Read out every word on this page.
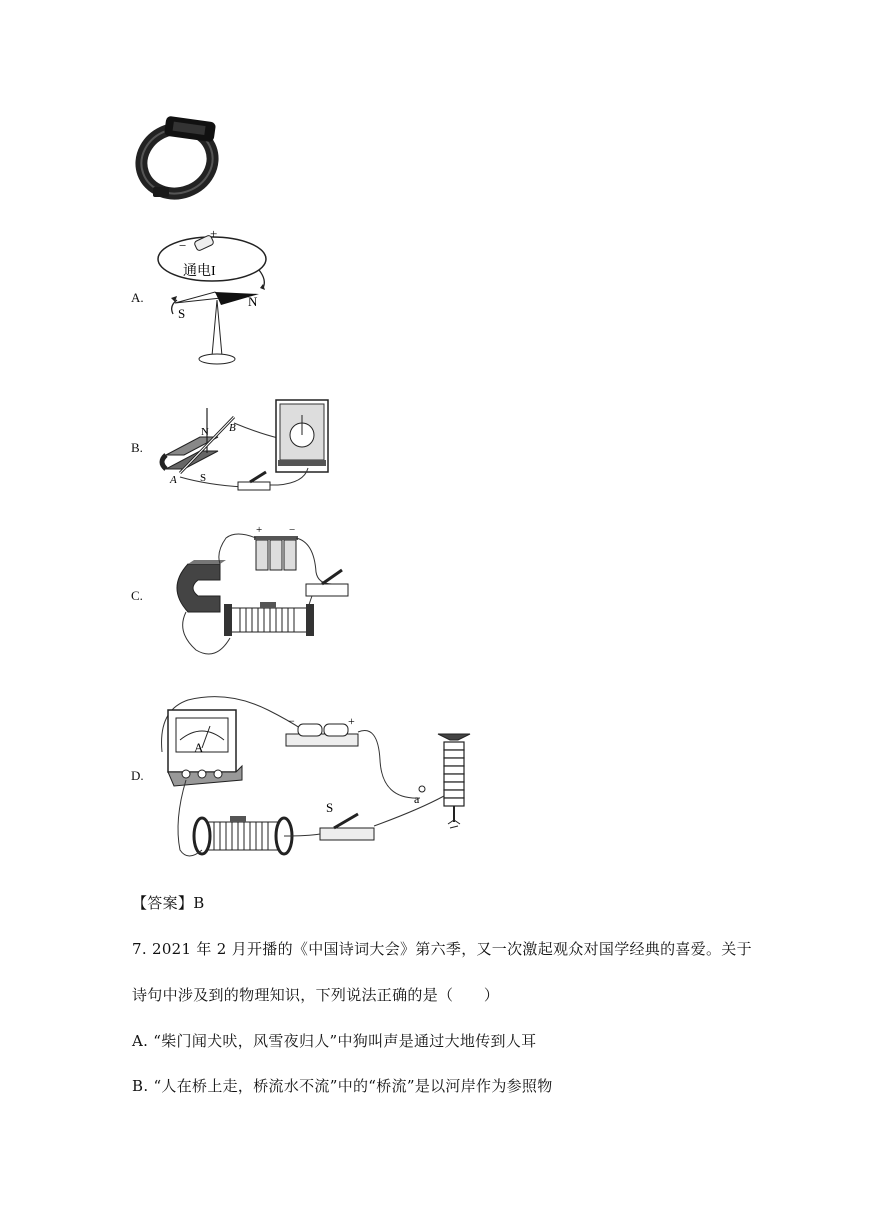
A.
−
+
通电I
S
N
B.
N
S
B
A
C.
+ −
D.
A
−	+
a
S
【答案】B
7. 2021 年 2 月开播的《中国诗词大会》第六季，又一次激起观众对国学经典的喜爱。关于
诗句中涉及到的物理知识，下列说法正确的是（　　）
A. “柴门闻犬吠，风雪夜归人”中狗叫声是通过大地传到人耳
B. “人在桥上走，桥流水不流”中的“桥流”是以河岸作为参照物
